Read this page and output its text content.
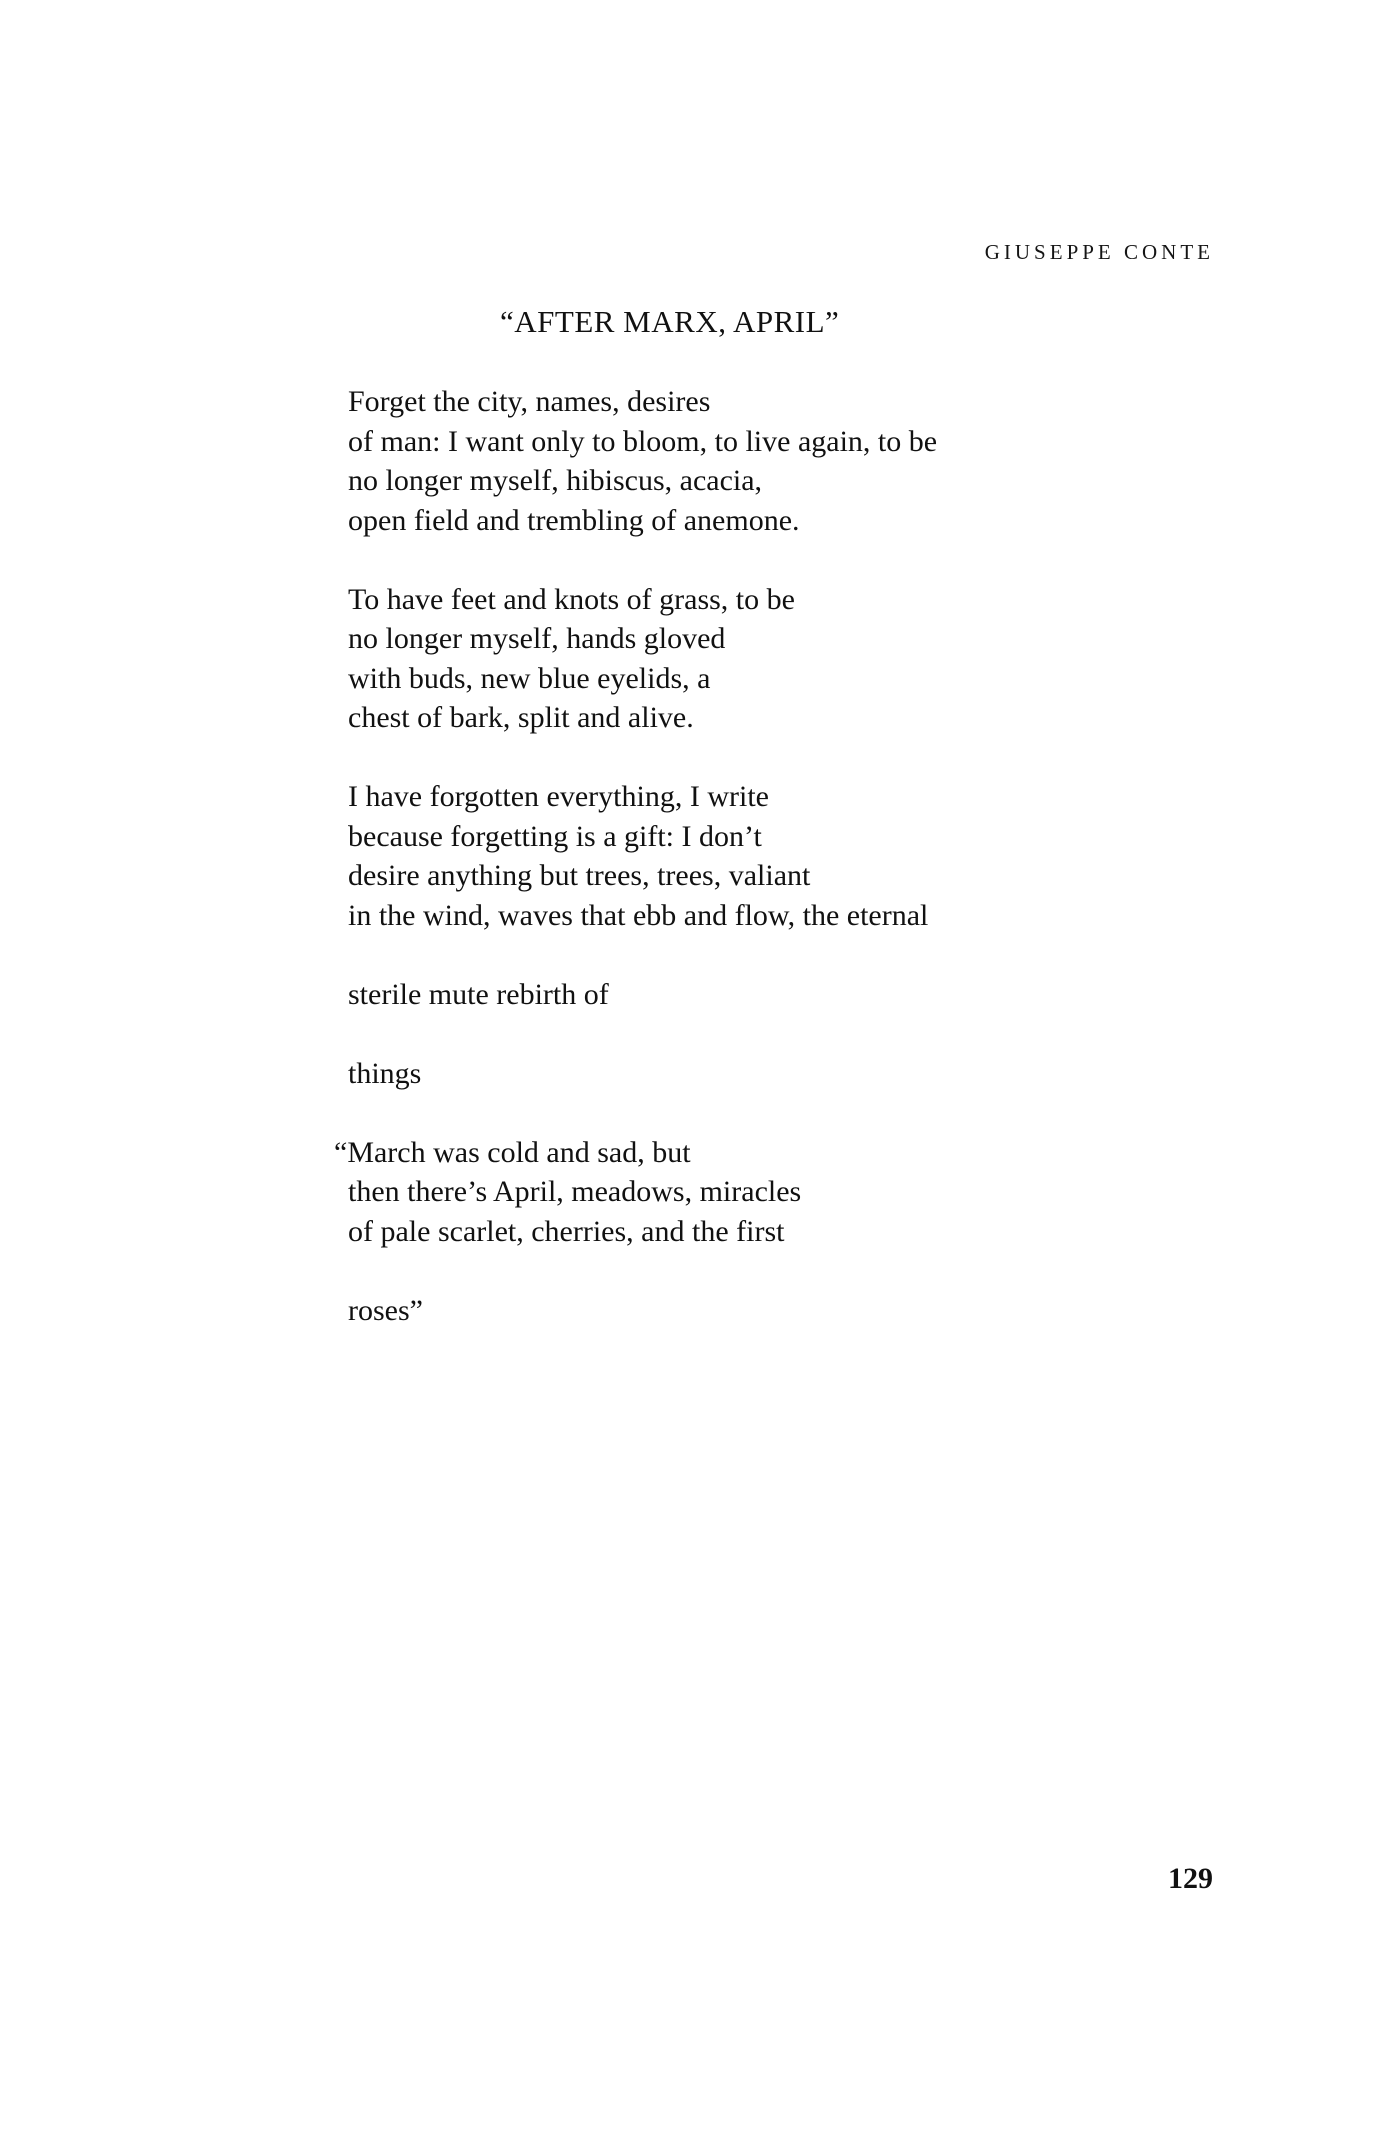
GIUSEPPE CONTE
“AFTER MARX, APRIL”
Forget the city, names, desires
of man: I want only to bloom, to live again, to be
no longer myself, hibiscus, acacia,
open field and trembling of anemone.
To have feet and knots of grass, to be
no longer myself, hands gloved
with buds, new blue eyelids, a
chest of bark, split and alive.
I have forgotten everything, I write
because forgetting is a gift: I don’t
desire anything but trees, trees, valiant
in the wind, waves that ebb and flow, the eternal
sterile mute rebirth of
things
“March was cold and sad, but
then there’s April, meadows, miracles
of pale scarlet, cherries, and the first
roses”
129
